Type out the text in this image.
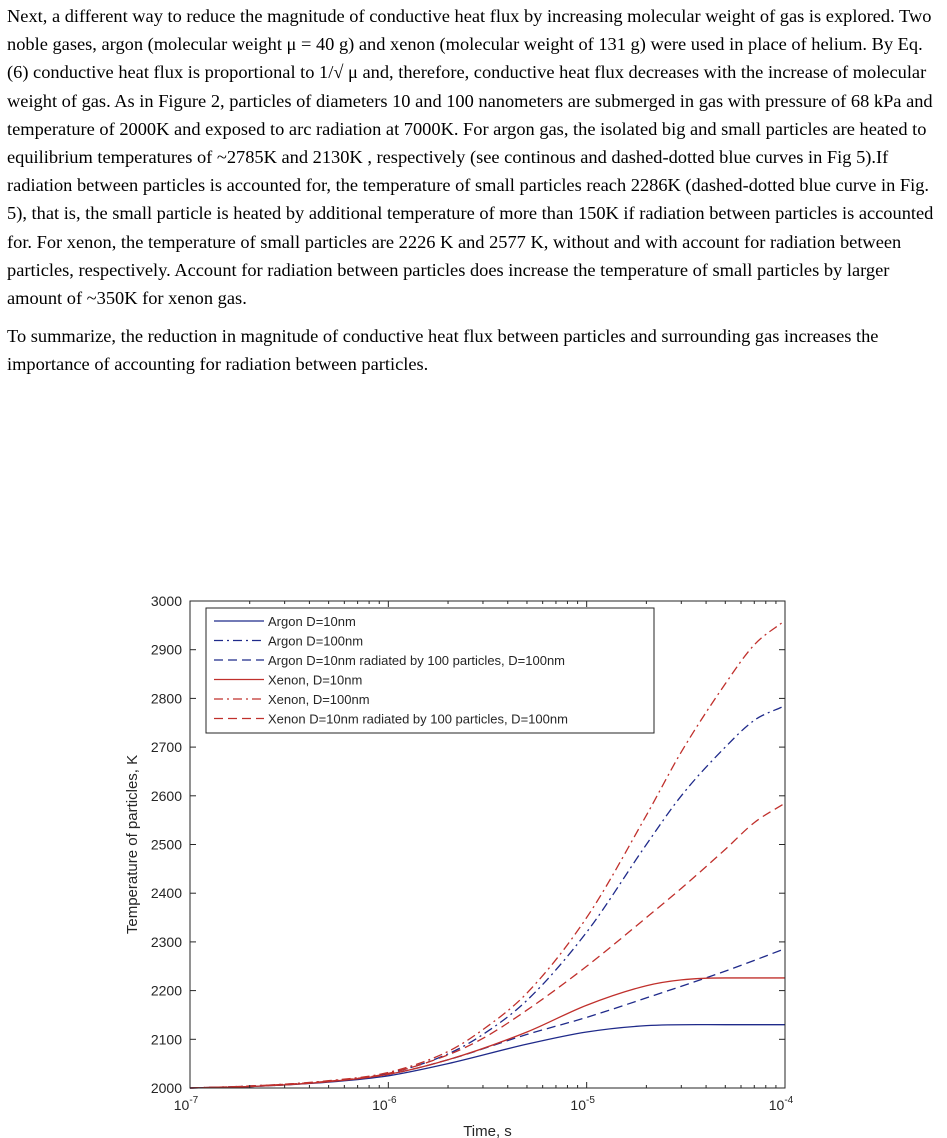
Next, a different way to reduce the magnitude of conductive heat flux by increasing molecular weight of gas is explored. Two noble gases, argon (molecular weight μ = 40 g) and xenon (molecular weight of 131 g) were used in place of helium. By Eq. (6) conductive heat flux is proportional to 1/√ μ and, therefore, conductive heat flux decreases with the increase of molecular weight of gas. As in Figure 2, particles of diameters 10 and 100 nanometers are submerged in gas with pressure of 68 kPa and temperature of 2000K and exposed to arc radiation at 7000K. For argon gas, the isolated big and small particles are heated to equilibrium temperatures of ~2785K and 2130K , respectively (see continous and dashed-dotted blue curves in Fig 5).If radiation between particles is accounted for, the temperature of small particles reach 2286K (dashed-dotted blue curve in Fig. 5), that is, the small particle is heated by additional temperature of more than 150K if radiation between particles is accounted for. For xenon, the temperature of small particles are 2226 K and 2577 K, without and with account for radiation between particles, respectively. Account for radiation between particles does increase the temperature of small particles by larger amount of ~350K for xenon gas.

To summarize, the reduction in magnitude of conductive heat flux between particles and surrounding gas increases the importance of accounting for radiation between particles.

2000
2100
2200
2300
2400
2500
2600
2700
2800
2900
3000
$10^{-7}$	$10^{-6}$	$10^{-5}$	$10^{-4}$
Time, s
Temperature of particles, K
Argon D=10nm
Argon D=100nm
Argon D=10nm radiated by 100 particles, D=100nm
Xenon, D=10nm
Xenon, D=100nm
Xenon D=10nm radiated by 100 particles, D=100nm
